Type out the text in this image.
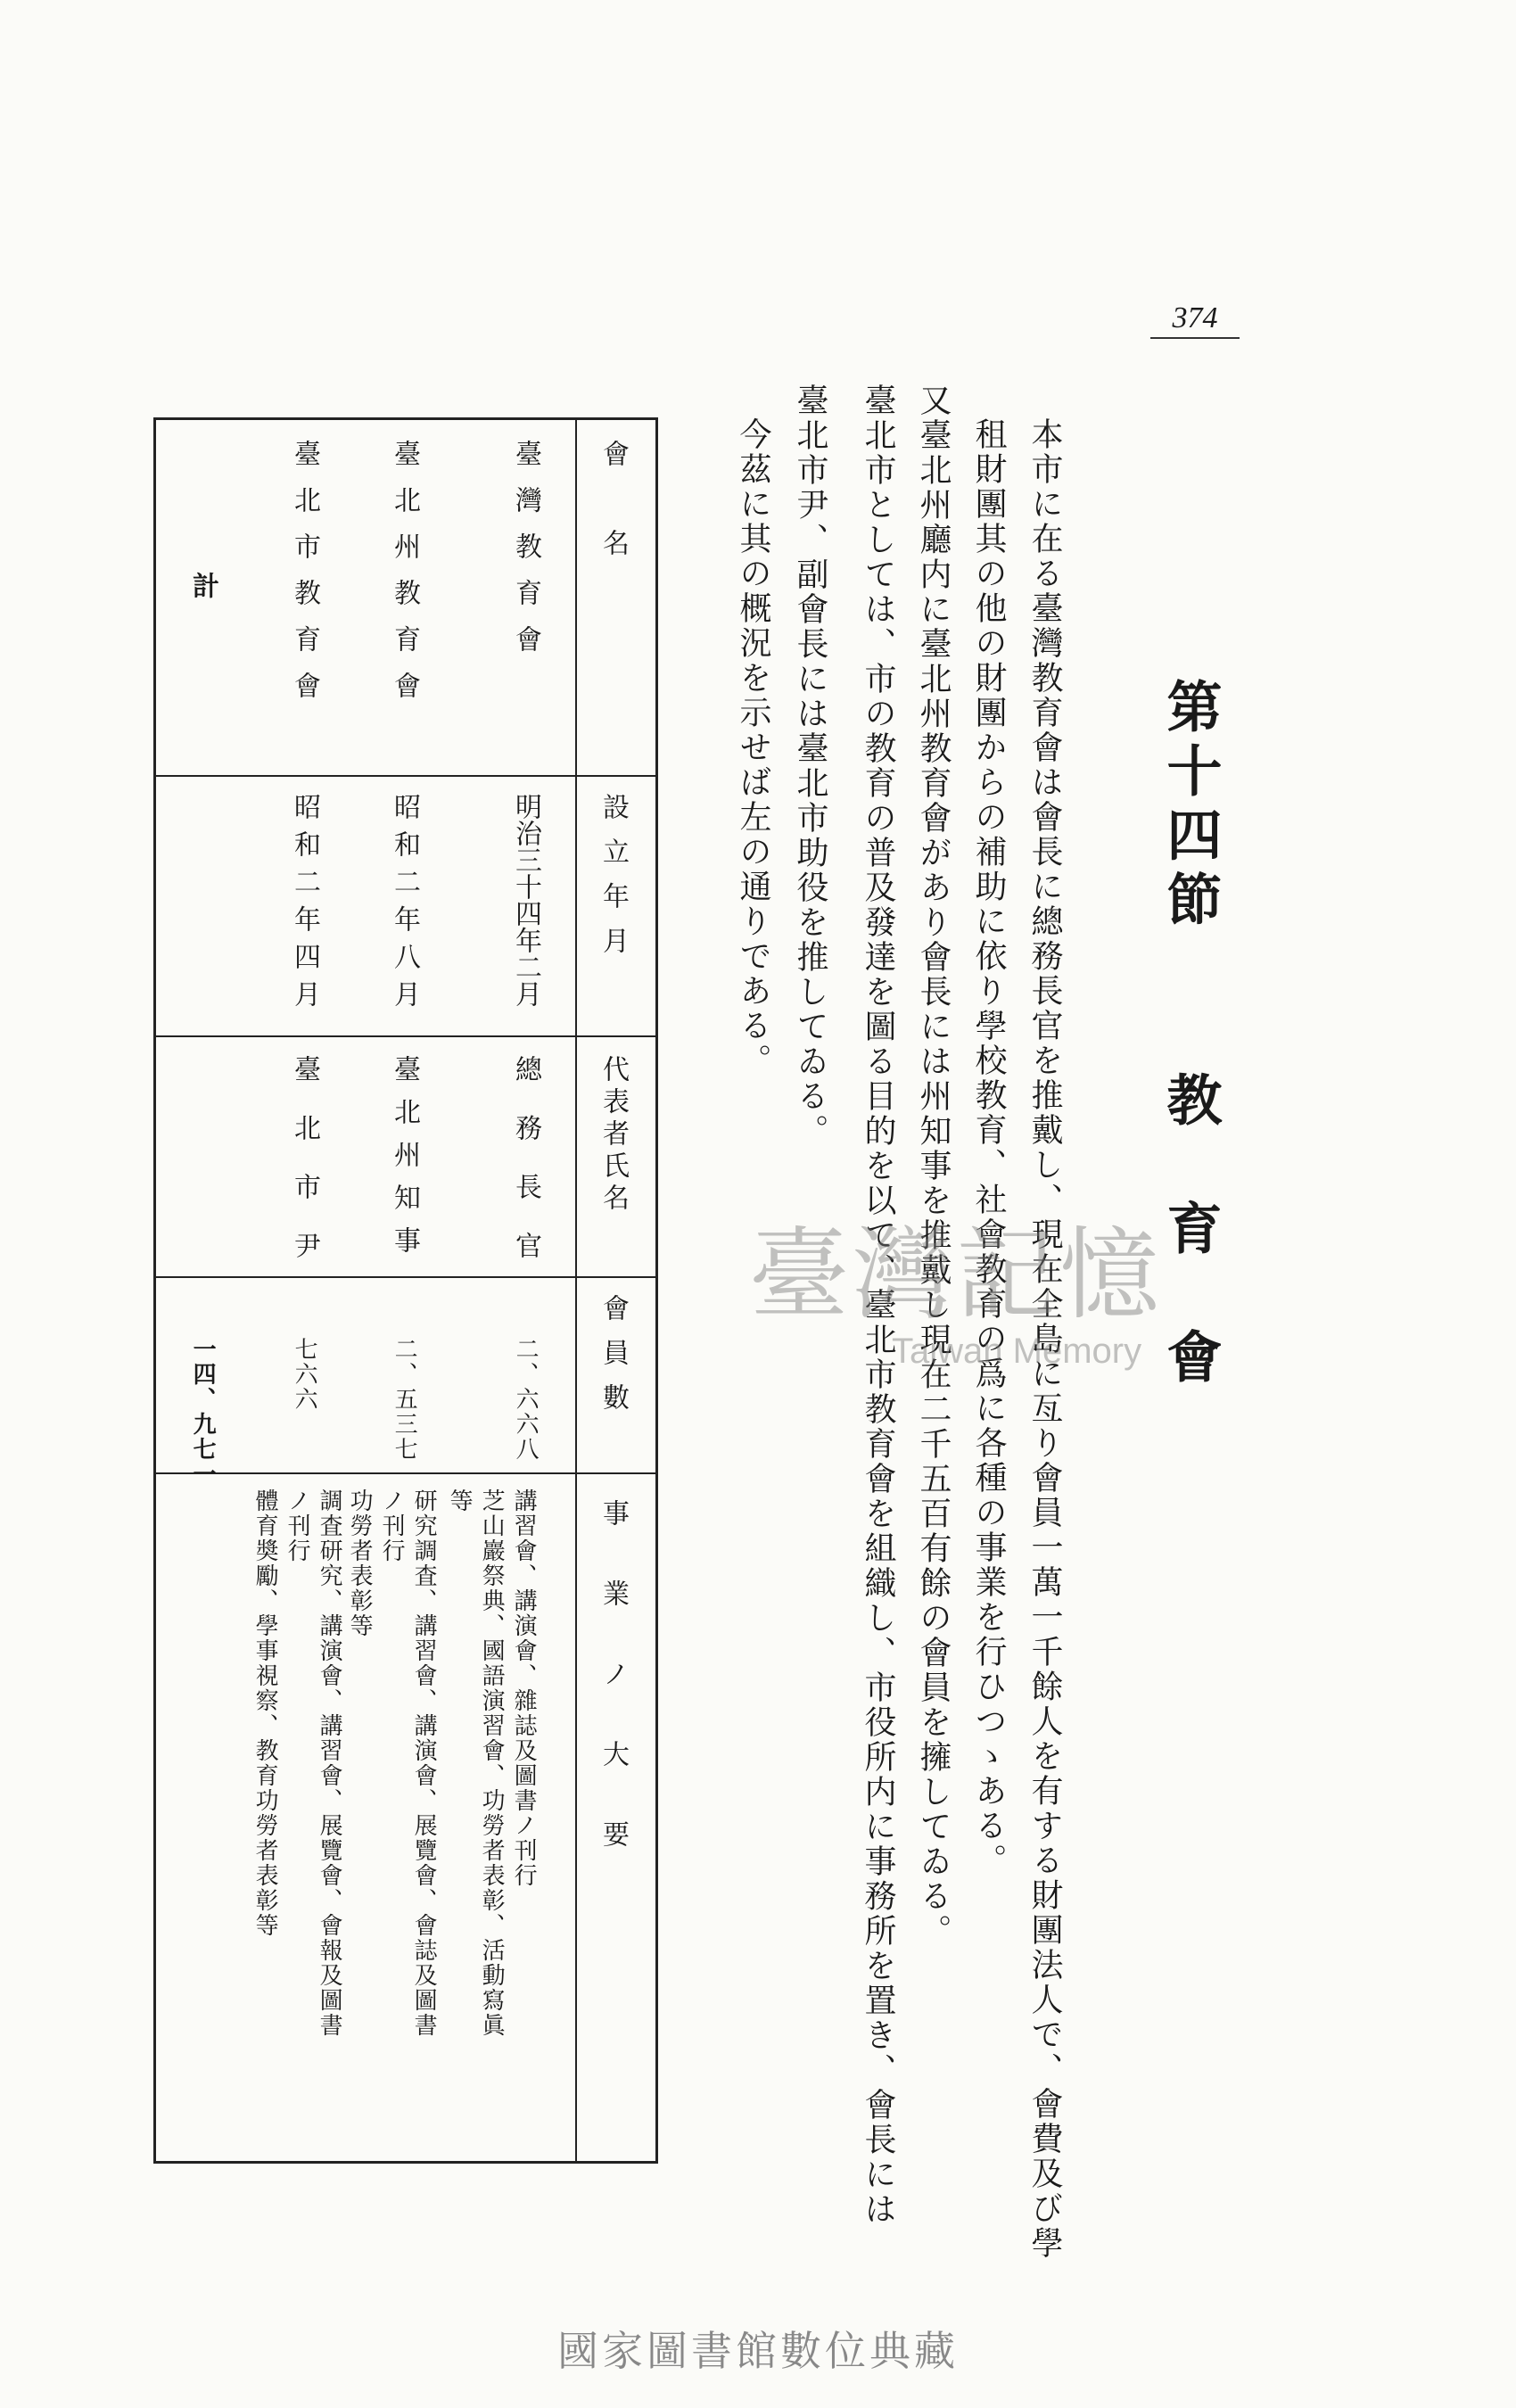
374
第十四節 教　育　會
本市に在る臺灣教育會は會長に總務長官を推戴し、現在全島に亙り會員一萬一千餘人を有する財團法人で、會費及び學
租財團其の他の財團からの補助に依り學校教育、社會教育の爲に各種の事業を行ひつゝある。
又臺北州廳内に臺北州教育會があり會長には州知事を推戴し現在二千五百有餘の會員を擁してゐる。
臺北市としては、市の教育の普及發達を圖る目的を以て、臺北市教育會を組織し、市役所内に事務所を置き、會長には
臺北市尹、副會長には臺北市助役を推してゐる。
今茲に其の概況を示せば左の通りである。
會　名
設立年月
代表者氏名
會員數
事業ノ大要
臺灣教育會
明治三十四年二月
總務長官
二、六六八
講習會、講演會、雜誌及圖書ノ刊行
芝山巖祭典、國語演習會、功勞者表彰、活動寫眞
等
臺北州教育會
昭和二年八月
臺北州知事
二、五三七
研究調査、講習會、講演會、展覽會、會誌及圖書
ノ刊行
功勞者表彰等
臺北市教育會
昭和二年四月
臺北市尹
七六六
調査研究、講演會、講習會、展覽會、會報及圖書
ノ刊行
體育奬勵、學事視察、教育功勞者表彰等
計
一四、九七一
臺灣記憶
Taiwan Memory
國家圖書館數位典藏
